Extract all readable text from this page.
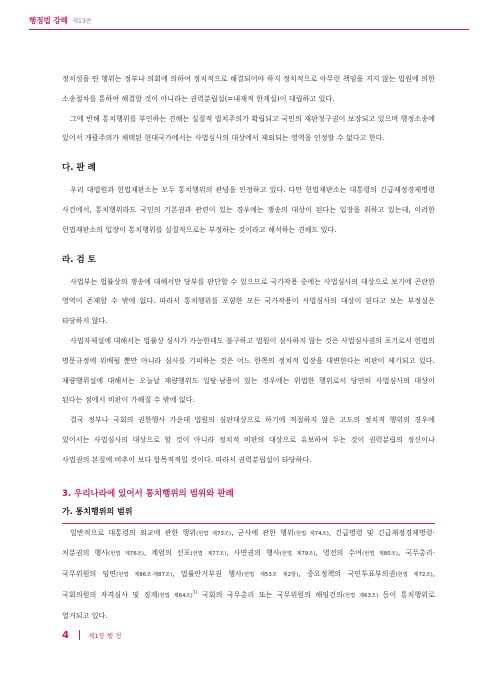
행정법 강해 제13판

정치성을 띤 행위는 정부나 의회에 의하여 정치적으로 해결되어야 하지 정치적으로 아무런 책임을 지지 않는 법원에 의한 소송절차를 통하여 해결할 것이 아니라는 권력분립설(=내재적 한계설)이 대립하고 있다.

그에 반해 통치행위를 부인하는 견해는 실질적 법치주의가 확립되고 국민의 재판청구권이 보장되고 있으며 행정소송에 있어서 개괄주의가 채택된 현대국가에서는 사법심사의 대상에서 제외되는 영역을 인정할 수 없다고 한다.

다. 판 례

우리 대법원과 헌법재판소는 모두 통치행위의 관념을 인정하고 있다. 다만 헌법재판소는 대통령의 긴급재정경제명령 사건에서, 통치행위라도 국민의 기본권과 관련이 있는 경우에는 쟁송의 대상이 된다는 입장을 취하고 있는데, 이러한 헌법재판소의 입장이 통치행위를 실질적으로는 부정하는 것이라고 해석하는 견해도 있다.

라. 검 토

사법부는 법률상의 쟁송에 대해서만 당부를 판단할 수 있으므로 국가작용 중에는 사법심사의 대상으로 보기에 곤란한 영역이 존재할 수 밖에 없다. 따라서 통치행위를 포함한 모든 국가작용이 사법심사의 대상이 된다고 보는 부정설은 타당하지 않다.

사법자제설에 대해서는 법률상 심사가 가능한데도 불구하고 법원이 심사하지 않는 것은 사법심사권의 포기로서 헌법의 명문규정에 위배될 뿐만 아니라 심사를 기피하는 것은 어느 한쪽의 정치적 입장을 대변한다는 비판이 제기되고 있다. 재량행위설에 대해서는 오늘날 재량행위도 일탈·남용이 있는 경우에는 위법한 행위로서 당연히 사법심사의 대상이 된다는 점에서 비판이 가해질 수 밖에 없다.

결국 정부나 국회의 권한행사 가운데 법원의 심판대상으로 하기에 적절하지 않은 고도의 정치적 행위의 경우에 있어서는 사법심사의 대상으로 할 것이 아니라 정치적 비판의 대상으로 유보하여 두는 것이 권력분립의 정신이나 사법권의 본질에 비추어 보다 합목적적일 것이다. 따라서 권력분립설이 타당하다.

3. 우리나라에 있어서 통치행위의 범위와 판례
가. 통치행위의 범위

일반적으로 대통령의 외교에 관한 행위(헌법 제73조), 군사에 관한 행위(헌법 제74조), 긴급명령 및 긴급재정경제명령·처분권의 행사(헌법 제76조), 계엄의 선포(헌법 제77조), 사면권의 행사(헌법 제79조), 영전의 수여(헌법 제80조), 국무총리·국무위원의 임면(헌법 제86조·제87조), 법률안거부권 행사(헌법 제53조 제2항), 중요정책의 국민투표부의권(헌법 제72조), 국회의원의 자격심사 및 징계(헌법 제64조)$^{1)}$ 국회의 국무총리 또는 국무위원의 해임건의(헌법 제63조) 등이 통치행위로 열거되고 있다.

4	제1장 행 정
